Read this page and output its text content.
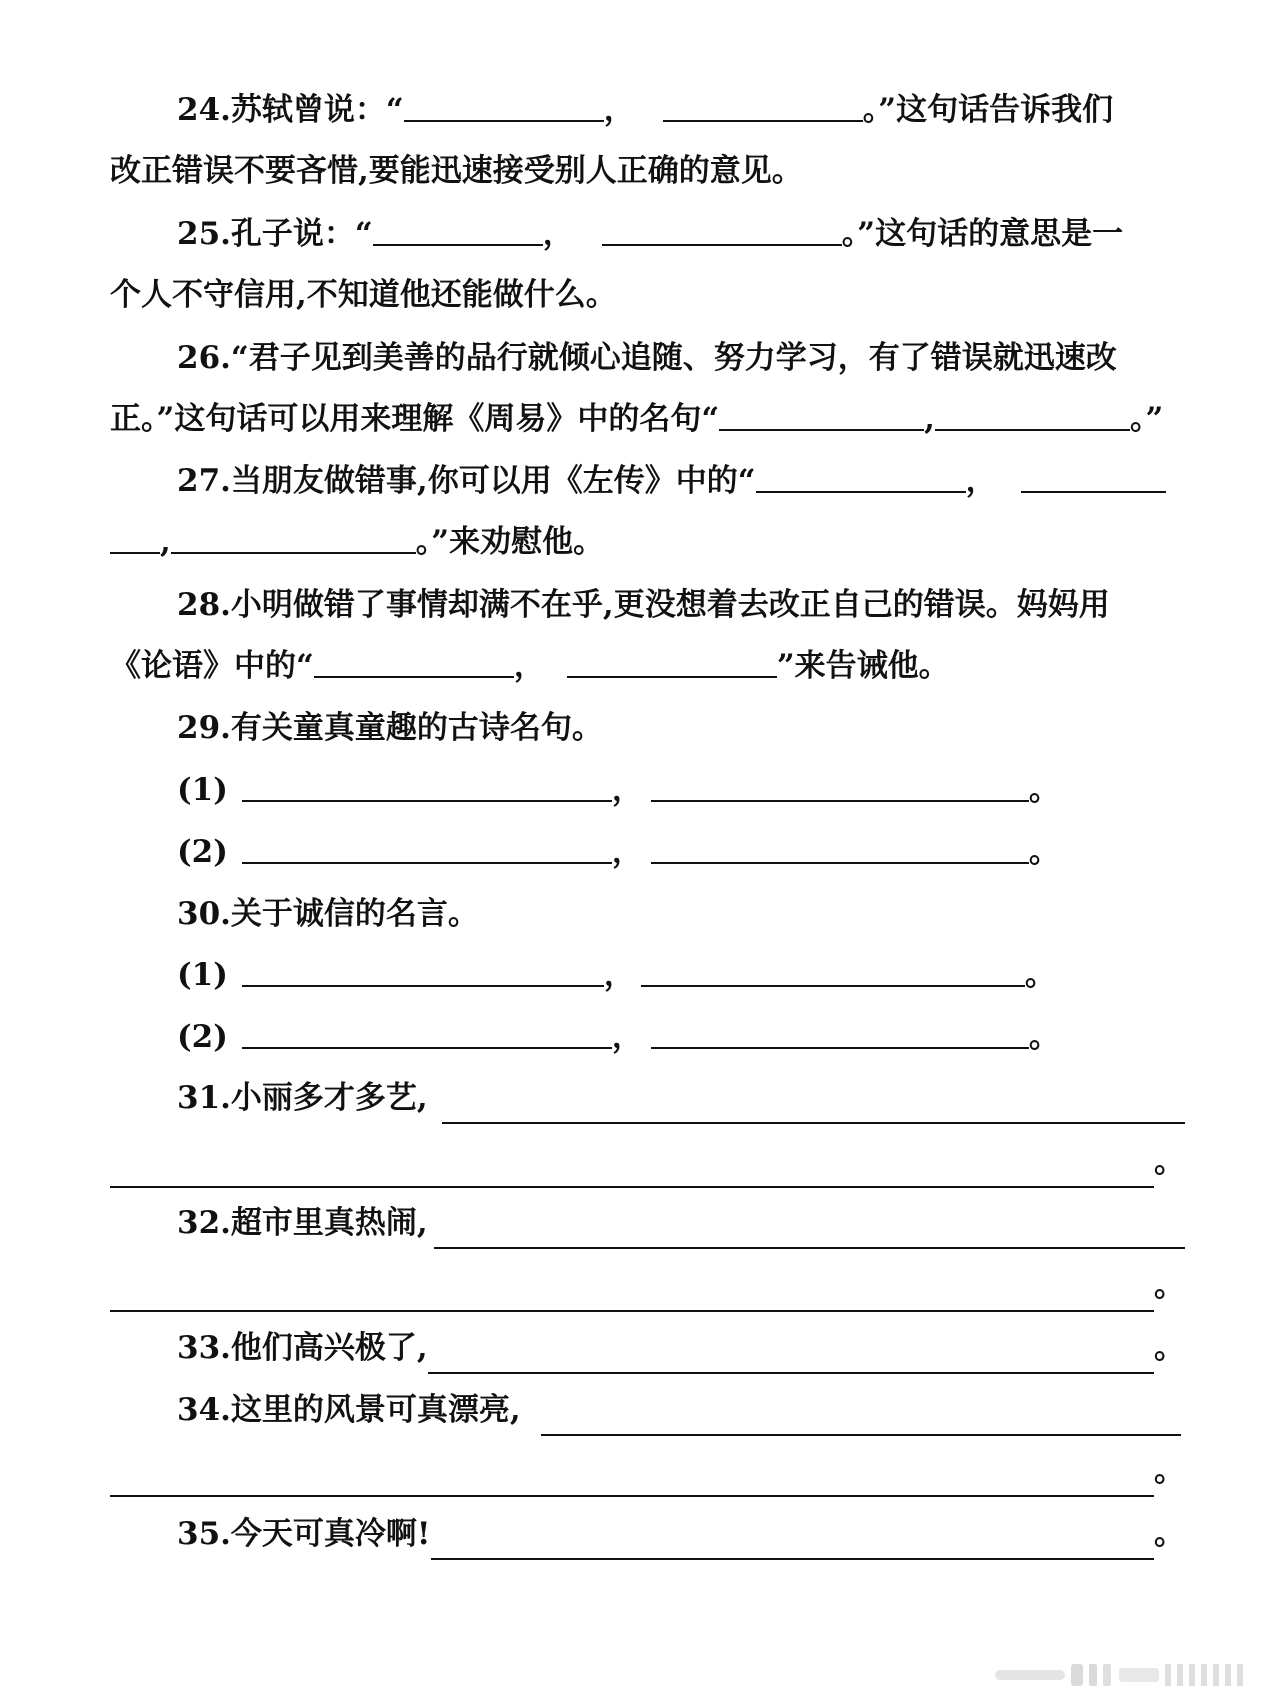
24.苏轼曾说：“	，	。”这句话告诉我们
改正错误不要吝惜,要能迅速接受别人正确的意见。
25.孔子说：“	，	。”这句话的意思是一
个人不守信用,不知道他还能做什么。
26.“君子见到美善的品行就倾心追随、努力学习，有了错误就迅速改
正。”这句话可以用来理解《周易》中的名句“	,	。”
27.当朋友做错事,你可以用《左传》中的“	，
,	。”来劝慰他。
28.小明做错了事情却满不在乎,更没想着去改正自己的错误。妈妈用
《论语》中的“	，	”来告诫他。
29.有关童真童趣的古诗名句。
(1)	，	。
(2)	，	。
30.关于诚信的名言。
(1)	，	。
(2)	，	。
31.小丽多才多艺,
。
32.超市里真热闹,
。
33.他们高兴极了,	。
34.这里的风景可真漂亮,
。
35.今天可真冷啊!	。
